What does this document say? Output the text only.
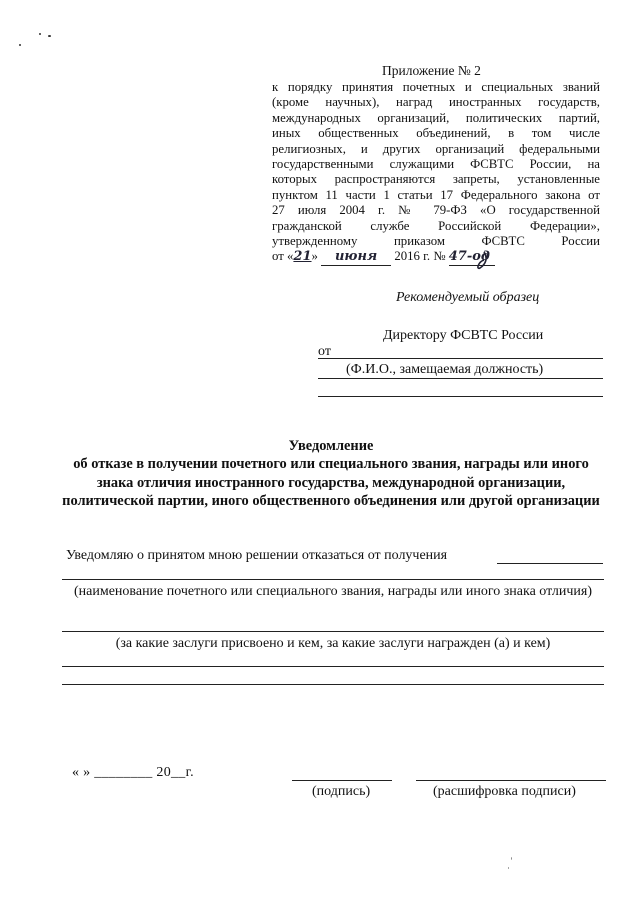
Приложение № 2
к порядку принятия почетных и специальных званий
(кроме научных), наград иностранных государств,
международных организаций, политических партий,
иных общественных объединений, в том числе
религиозных, и других организаций федеральными
государственными служащими ФСВТС России, на
которых распространяются запреты, установленные
пунктом 11 части 1 статьи 17 Федерального закона от
27 июля 2004 г. № 79-ФЗ «О государственной
гражданской службе Российской Федерации»,
утвержденному приказом ФСВТС России
от «21» июня 2016 г. № 47-од
Рекомендуемый образец
Директору ФСВТС России
от
(Ф.И.О., замещаемая должность)
Уведомление
об отказе в получении почетного или специального звания, награды или иного знака отличия иностранного государства, международной организации, политической партии, иного общественного объединения или другой организации
Уведомляю о принятом мною решении отказаться от получения
(наименование почетного или специального звания, награды или иного знака отличия)
(за какие заслуги присвоено и кем, за какие заслуги награжден (а) и кем)
« » ________ 20__г.
(подпись)	(расшифровка подписи)
